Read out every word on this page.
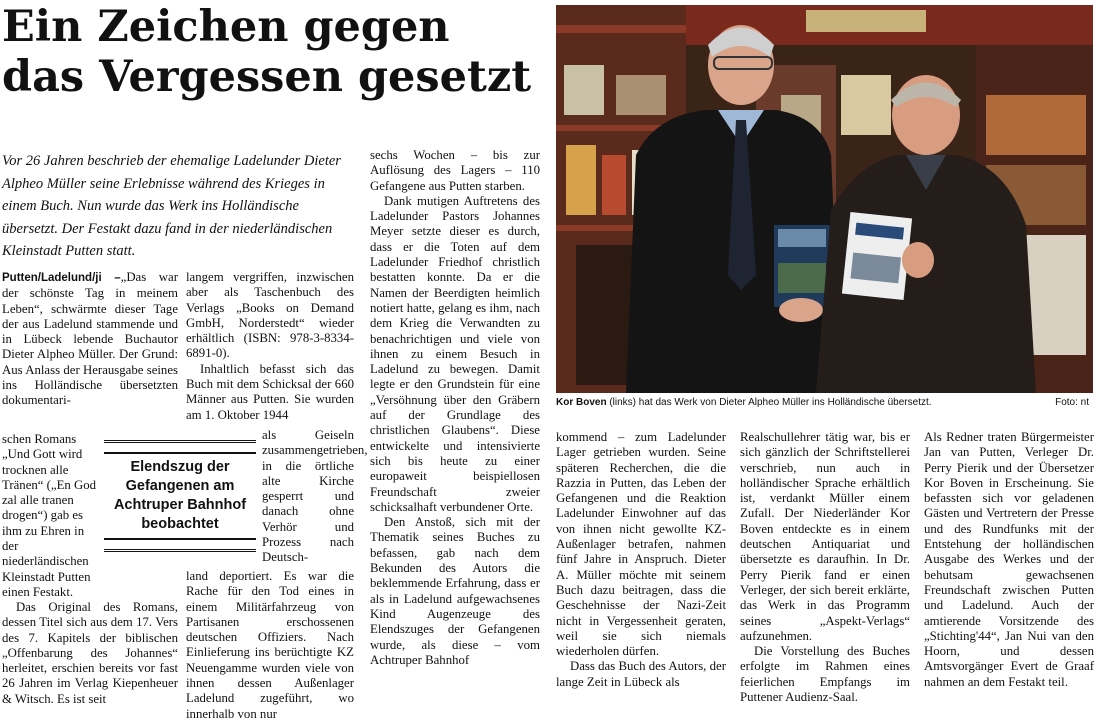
Ein Zeichen gegen
das Vergessen gesetzt

Vor 26 Jahren beschrieb der ehemalige Ladelunder Dieter Alpheo Müller seine Erlebnisse während des Krieges in einem Buch. Nun wurde das Werk ins Holländische übersetzt. Der Festakt dazu fand in der niederländischen Kleinstadt Putten statt.

Putten/Ladelund/ji –„Das war der schönste Tag in meinem Leben“, schwärmte dieser Tage der aus Ladelund stammende und in Lübeck lebende Buchautor Dieter Alpheo Müller. Der Grund: Aus Anlass der Herausgabe seines ins Holländische übersetzten dokumentari-

schen Romans „Und Gott wird trocknen alle Tränen“ („En God zal alle tranen drogen“) gab es ihm zu Ehren in der niederländischen Kleinstadt Putten einen Festakt.

Das Original des Romans, dessen Titel sich aus dem 17. Vers des 7. Kapitels der biblischen „Offenbarung des Johannes“ herleitet, erschien bereits vor fast 26 Jahren im Verlag Kiepenheuer & Witsch. Es ist seit

langem vergriffen, inzwischen aber als Taschenbuch des Verlags „Books on Demand GmbH, Norderstedt“ wieder erhältlich (ISBN: 978-3-8334-6891-0).

Inhaltlich befasst sich das Buch mit dem Schicksal der 660 Männer aus Putten. Sie wurden am 1. Oktober 1944

als Geiseln zusammengetrieben, in die örtliche alte Kirche gesperrt und danach ohne Verhör und Prozess nach Deutsch-

land deportiert. Es war die Rache für den Tod eines in einem Militärfahrzeug von Partisanen erschossenen deutschen Offiziers. Nach Einlieferung ins berüchtigte KZ Neuengamme wurden viele von ihnen dessen Außenlager Ladelund zugeführt, wo innerhalb von nur

Elendszug der Gefangenen am Achtruper Bahnhof beobachtet

sechs Wochen – bis zur Auflösung des Lagers – 110 Gefangene aus Putten starben.

Dank mutigen Auftretens des Ladelunder Pastors Johannes Meyer setzte dieser es durch, dass er die Toten auf dem Ladelunder Friedhof christlich bestatten konnte. Da er die Namen der Beerdigten heimlich notiert hatte, gelang es ihm, nach dem Krieg die Verwandten zu benachrichtigen und viele von ihnen zu einem Besuch in Ladelund zu bewegen. Damit legte er den Grundstein für eine „Versöhnung über den Gräbern auf der Grundlage des christlichen Glaubens“. Diese entwickelte und intensivierte sich bis heute zu einer europaweit beispiellosen Freundschaft zweier schicksalhaft verbundener Orte.

Den Anstoß, sich mit der Thematik seines Buches zu befassen, gab nach dem Bekunden des Autors die beklemmende Erfahrung, dass er als in Ladelund aufgewachsenes Kind Augenzeuge des Elendszuges der Gefangenen wurde, als diese – vom Achtruper Bahnhof

Kor Boven (links) hat das Werk von Dieter Alpheo Müller ins Holländische übersetzt.	Foto: nt

kommend – zum Ladelunder Lager getrieben wurden. Seine späteren Recherchen, die die Razzia in Putten, das Leben der Gefangenen und die Reaktion Ladelunder Einwohner auf das von ihnen nicht gewollte KZ-Außenlager betrafen, nahmen fünf Jahre in Anspruch. Dieter A. Müller möchte mit seinem Buch dazu beitragen, dass die Geschehnisse der Nazi-Zeit nicht in Vergessenheit geraten, weil sie sich niemals wiederholen dürfen.

Dass das Buch des Autors, der lange Zeit in Lübeck als

Realschullehrer tätig war, bis er sich gänzlich der Schriftstellerei verschrieb, nun auch in holländischer Sprache erhältlich ist, verdankt Müller einem Zufall. Der Niederländer Kor Boven entdeckte es in einem deutschen Antiquariat und übersetzte es daraufhin. In Dr. Perry Pierik fand er einen Verleger, der sich bereit erklärte, das Werk in das Programm seines „Aspekt-Verlags“ aufzunehmen.

Die Vorstellung des Buches erfolgte im Rahmen eines feierlichen Empfangs im Puttener Audienz-Saal.

Als Redner traten Bürgermeister Jan van Putten, Verleger Dr. Perry Pierik und der Übersetzer Kor Boven in Erscheinung. Sie befassten sich vor geladenen Gästen und Vertretern der Presse und des Rundfunks mit der Entstehung der holländischen Ausgabe des Werkes und der behutsam gewachsenen Freundschaft zwischen Putten und Ladelund. Auch der amtierende Vorsitzende des „Stichting'44“, Jan Nui van den Hoorn, und dessen Amtsvorgänger Evert de Graaf nahmen an dem Festakt teil.
